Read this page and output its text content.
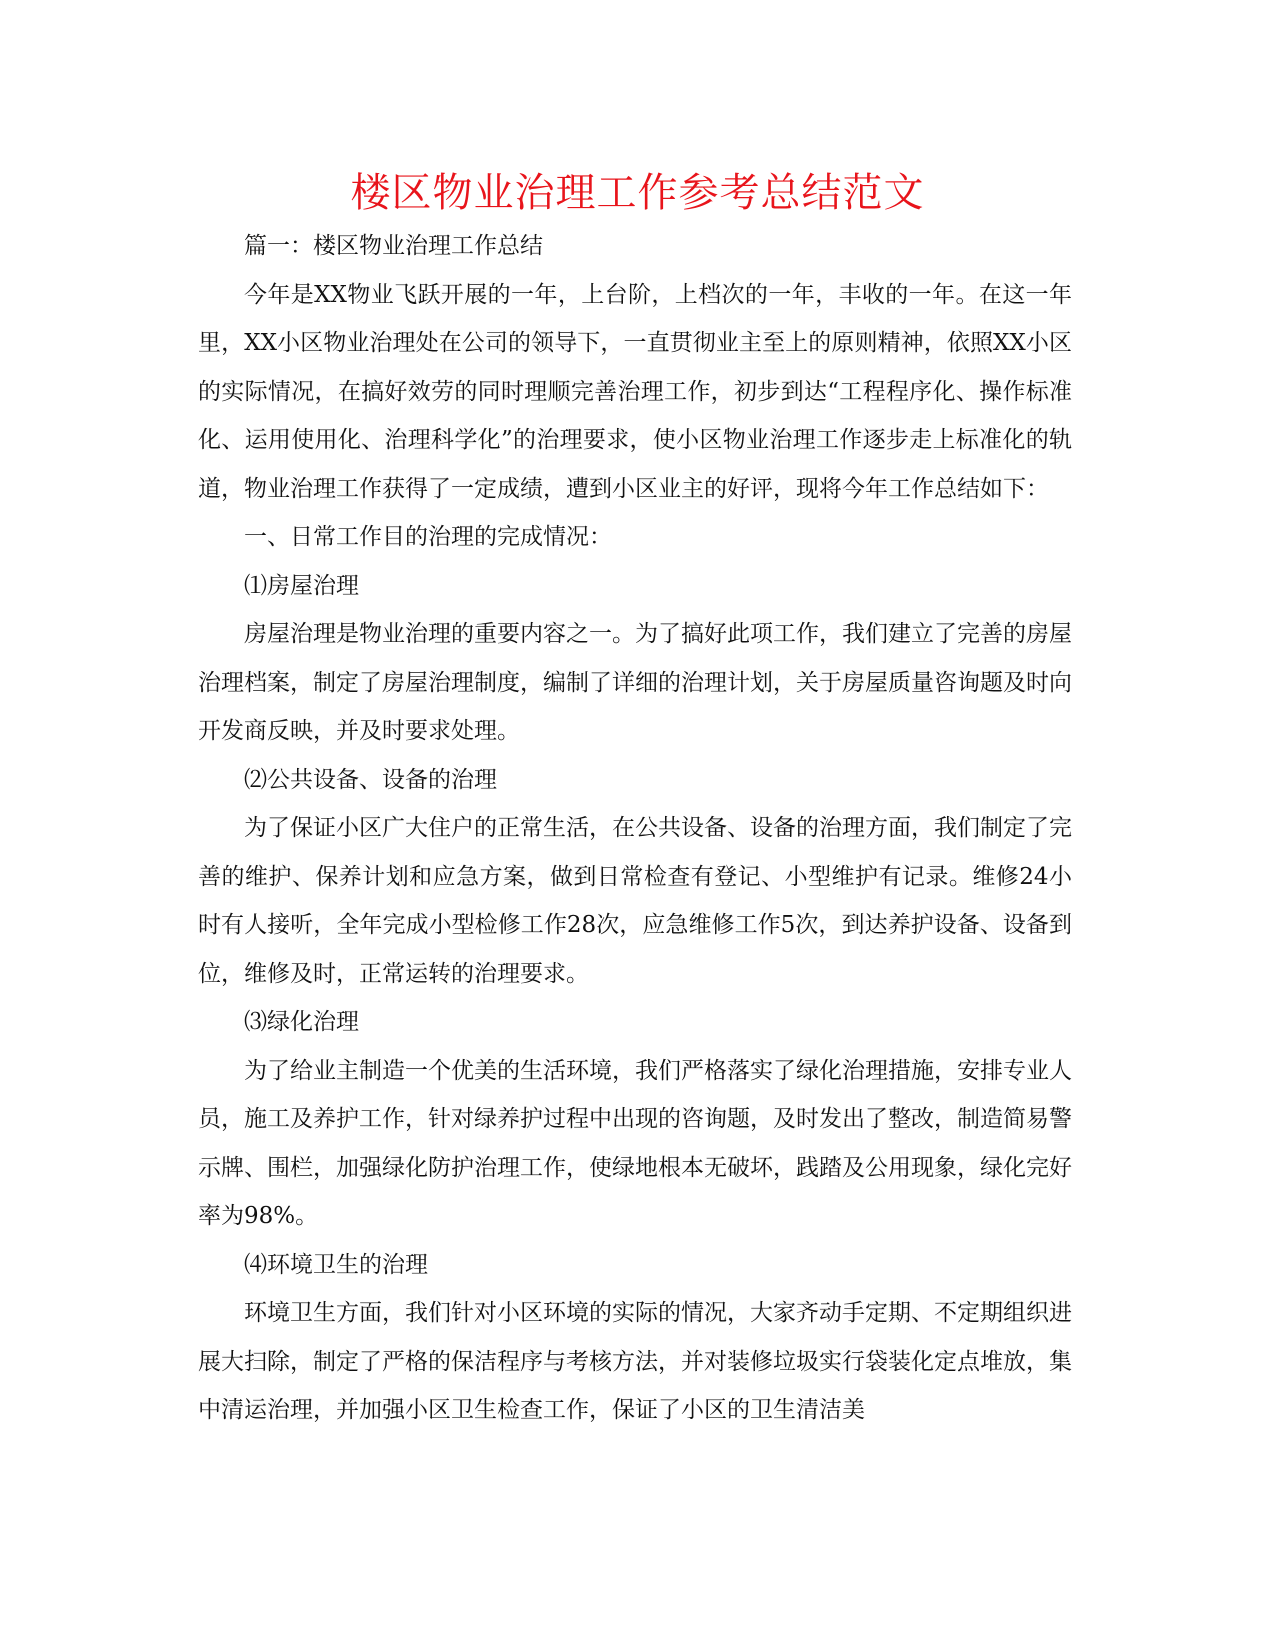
楼区物业治理工作参考总结范文

篇一：楼区物业治理工作总结

今年是XX物业飞跃开展的一年，上台阶，上档次的一年，丰收的一年。在这一年里，XX小区物业治理处在公司的领导下，一直贯彻业主至上的原则精神，依照XX小区的实际情况，在搞好效劳的同时理顺完善治理工作，初步到达“工程程序化、操作标准化、运用使用化、治理科学化”的治理要求，使小区物业治理工作逐步走上标准化的轨道，物业治理工作获得了一定成绩，遭到小区业主的好评，现将今年工作总结如下：

一、日常工作目的治理的完成情况：

⑴房屋治理

房屋治理是物业治理的重要内容之一。为了搞好此项工作，我们建立了完善的房屋治理档案，制定了房屋治理制度，编制了详细的治理计划，关于房屋质量咨询题及时向开发商反映，并及时要求处理。

⑵公共设备、设备的治理

为了保证小区广大住户的正常生活，在公共设备、设备的治理方面，我们制定了完善的维护、保养计划和应急方案，做到日常检查有登记、小型维护有记录。维修24小时有人接听，全年完成小型检修工作28次，应急维修工作5次，到达养护设备、设备到位，维修及时，正常运转的治理要求。

⑶绿化治理

为了给业主制造一个优美的生活环境，我们严格落实了绿化治理措施，安排专业人员，施工及养护工作，针对绿养护过程中出现的咨询题，及时发出了整改，制造简易警示牌、围栏，加强绿化防护治理工作，使绿地根本无破坏，践踏及公用现象，绿化完好率为98%。

⑷环境卫生的治理

环境卫生方面，我们针对小区环境的实际的情况，大家齐动手定期、不定期组织进展大扫除，制定了严格的保洁程序与考核方法，并对装修垃圾实行袋装化定点堆放，集中清运治理，并加强小区卫生检查工作，保证了小区的卫生清洁美
